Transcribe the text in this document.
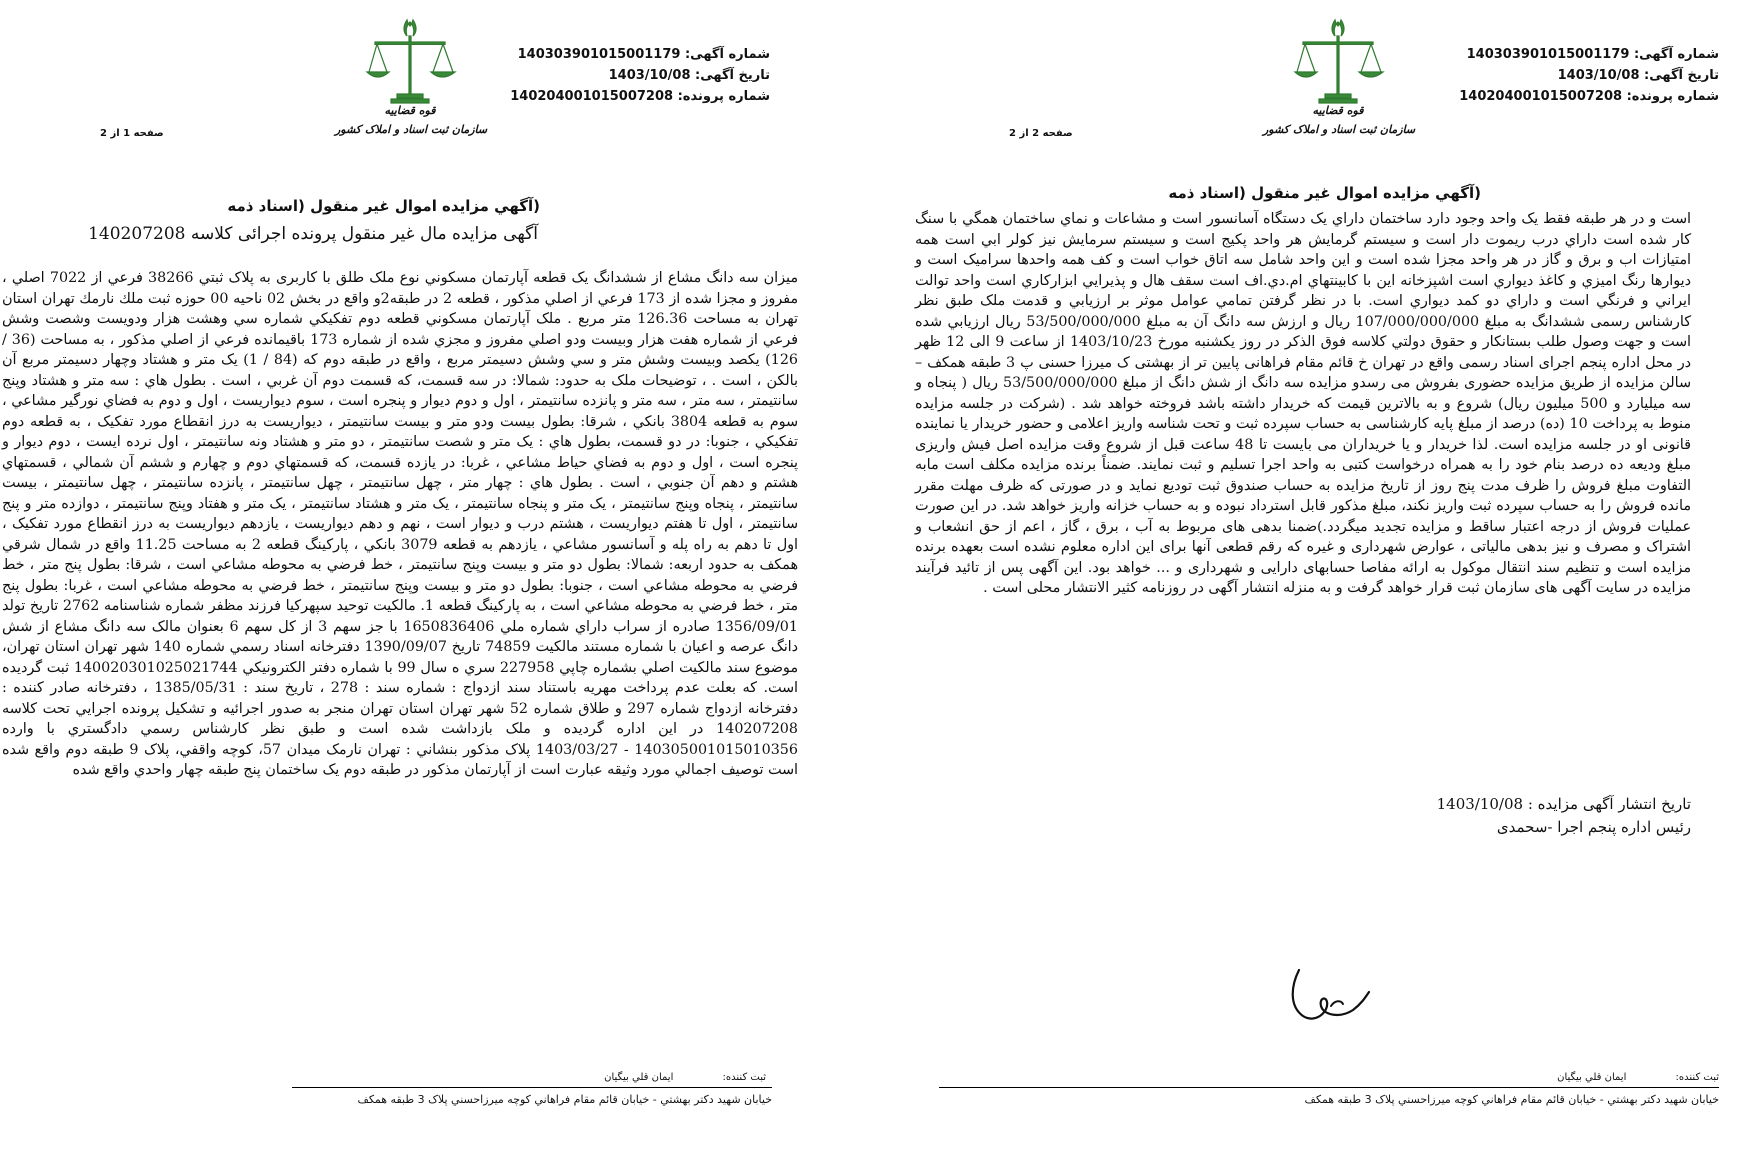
شماره آگهی: 140303901015001179
تاريخ آگهی: 1403/10/08
شماره پرونده: 140204001015007208
قوه قضاييه
سازمان ثبت اسناد و املاک کشور
صفحه 1 از 2
(آگهي مزايده اموال غير منقول (اسناد ذمه
آگهی مزایده مال غیر منقول پرونده اجرائی کلاسه 140207208
ميزان سه دانگ مشاع از ششدانگ يک قطعه آپارتمان مسکوني نوع ملک طلق با کاربری به پلاک ثبتي 38266 فرعي از 7022 اصلي ، مفروز و مجزا شده از 173 فرعي از اصلي مذکور ، قطعه 2 در طبقه2و واقع در بخش 02 ناحيه 00 حوزه ثبت ملك نارمك تهران استان تهران به مساحت 126.36 متر مربع . ملک آپارتمان مسکوني قطعه دوم تفکيکي شماره سي وهشت هزار ودويست وشصت وشش فرعي از شماره هفت هزار وبيست ودو اصلي مفروز و مجزي شده از شماره 173 باقيمانده فرعي از اصلي مذکور ، به مساحت (36 / 126) يکصد وبيست وشش متر و سي وشش دسيمتر مربع ، واقع در طبقه دوم که (84 / 1) يک متر و هشتاد وچهار دسيمتر مربع آن بالکن ، است . ، توضيحات ملک به حدود: شمالا: در سه قسمت، که قسمت دوم آن غربي ، است . بطول هاي : سه متر و هشتاد وپنج سانتيمتر ، سه متر ، سه متر و پانزده سانتيمتر ، اول و دوم ديوار و پنجره است ، سوم ديواريست ، اول و دوم به فضاي نورگير مشاعي ، سوم به قطعه 3804 بانکي ، شرقا: بطول بيست ودو متر و بيست سانتيمتر ، ديواريست به درز انقطاع مورد تفکيک ، به قطعه دوم تفکيکي ، جنوبا: در دو قسمت، بطول هاي : يک متر و شصت سانتيمتر ، دو متر و هشتاد ونه سانتيمتر ، اول نرده ايست ، دوم ديوار و پنجره است ، اول و دوم به فضاي حياط مشاعي ، غربا: در يازده قسمت، که قسمتهاي دوم و چهارم و ششم آن شمالي ، قسمتهاي هشتم و دهم آن جنوبي ، است . بطول هاي : چهار متر ، چهل سانتيمتر ، چهل سانتيمتر ، پانزده سانتيمتر ، چهل سانتيمتر ، بيست سانتيمتر ، پنجاه وپنج سانتيمتر ، يک متر و پنجاه سانتيمتر ، يک متر و هشتاد سانتيمتر ، يک متر و هفتاد وپنج سانتيمتر ، دوازده متر و پنج سانتيمتر ، اول تا هفتم ديواريست ، هشتم درب و ديوار است ، نهم و دهم ديواريست ، يازدهم ديواريست به درز انقطاع مورد تفکيک ، اول تا دهم به راه پله و آسانسور مشاعي ، يازدهم به قطعه 3079 بانکي ، پارکينگ قطعه 2 به مساحت 11.25 واقع در شمال شرقي همکف به حدود اربعه: شمالا: بطول دو متر و بيست وپنج سانتيمتر ، خط فرضي به محوطه مشاعي است ، شرقا: بطول پنج متر ، خط فرضي به محوطه مشاعي است ، جنوبا: بطول دو متر و بيست وپنج سانتيمتر ، خط فرضي به محوطه مشاعي است ، غربا: بطول پنج متر ، خط فرضي به محوطه مشاعي است ، به پارکينگ قطعه 1. مالکيت توحيد سپهرکيا فرزند مظفر شماره شناسنامه 2762 تاريخ تولد 1356/09/01 صادره از سراب داراي شماره ملي 1650836406 با جز سهم 3 از کل سهم 6 بعنوان مالک سه دانگ مشاع از شش دانگ عرصه و اعيان با شماره مستند مالکيت 74859 تاريخ 1390/09/07 دفترخانه اسناد رسمي شماره 140 شهر تهران استان تهران، موضوع سند مالکيت اصلي بشماره چاپي 227958 سري ه سال 99 با شماره دفتر الکترونيکي 140020301025021744 ثبت گرديده است. که بعلت عدم پرداخت مهريه باستناد سند ازدواج : شماره سند : 278 ، تاريخ سند : 1385/05/31 ، دفترخانه صادر کننده : دفترخانه ازدواج شماره 297 و طلاق شماره 52 شهر تهران استان تهران منجر به صدور اجرائيه و تشکيل پرونده اجرايي تحت کلاسه 140207208 در اين اداره گرديده و ملک بازداشت شده است و طبق نظر کارشناس رسمي دادگستري با وارده 140305001015010356 - 1403/03/27 پلاک مذکور بنشاني : تهران نارمک ميدان 57، کوچه واقفي، پلاک 9 طبقه دوم واقع شده است توصيف اجمالي مورد وثيقه عبارت است از آپارتمان مذکور در طبقه دوم يک ساختمان پنج طبقه چهار واحدي واقع شده
ثبت کننده: ايمان قلي بيگيان
خيابان شهيد دکتر بهشتي - خيابان قائم مقام فراهاني کوچه ميرزاحسني پلاک 3 طبقه همکف
شماره آگهی: 140303901015001179
تاريخ آگهی: 1403/10/08
شماره پرونده: 140204001015007208
قوه قضاييه
سازمان ثبت اسناد و املاک کشور
صفحه 2 از 2
(آگهي مزايده اموال غير منقول (اسناد ذمه
است و در هر طبقه فقط يک واحد وجود دارد ساختمان داراي يک دستگاه آسانسور است و مشاعات و نماي ساختمان همگي با سنگ کار شده است داراي درب ريموت دار است و سيستم گرمايش هر واحد پکيج است و سيستم سرمايش نيز کولر ابي است همه امتيازات اب و برق و گاز در هر واحد مجزا شده است و اين واحد شامل سه اتاق خواب است و کف همه واحدها سراميک است و ديوارها رنگ اميزي و کاغذ ديواري است اشپزخانه اين با کابينتهاي ام.دي.اف است سقف هال و پذيرايي ابزارکاري است واحد توالت ايراني و فرنگي است و داراي دو کمد ديواري است. با در نظر گرفتن تمامي عوامل موثر بر ارزيابي و قدمت ملک طبق نظر کارشناس رسمی ششدانگ به مبلغ 107/000/000/000 ريال و ارزش سه دانگ آن به مبلغ 53/500/000/000 ريال ارزيابي شده است و جهت وصول طلب بستانکار و حقوق دولتي کلاسه فوق الذکر در روز يکشنبه مورخ 1403/10/23 از ساعت 9 الی 12 ظهر در محل اداره پنجم اجرای اسناد رسمی واقع در تهران خ قائم مقام فراهانی پایین تر از بهشتی ک میرزا حسنی پ 3 طبقه همکف – سالن مزایده از طریق مزایده حضوری بفروش می رسدو مزایده سه دانگ از شش دانگ از مبلغ 53/500/000/000 ریال ( پنجاه و سه میلیارد و 500 میلیون ریال) شروع و به بالاترین قیمت که خریدار داشته باشد فروخته خواهد شد . (شرکت در جلسه مزایده منوط به پرداخت 10 (ده) درصد از مبلغ پایه کارشناسی به حساب سپرده ثبت و تحت شناسه واریز اعلامی و حضور خریدار یا نماینده قانونی او در جلسه مزایده است. لذا خریدار و یا خریداران می بایست تا 48 ساعت قبل از شروع وقت مزایده اصل فیش واریزی مبلغ ودیعه ده درصد بنام خود را به همراه درخواست کتبی به واحد اجرا تسلیم و ثبت نمایند. ضمناً برنده مزایده مکلف است مابه التفاوت مبلغ فروش را ظرف مدت پنج روز از تاریخ مزایده به حساب صندوق ثبت تودیع نماید و در صورتی که ظرف مهلت مقرر مانده فروش را به حساب سپرده ثبت واریز نکند، مبلغ مذکور قابل استرداد نبوده و به حساب خزانه واریز خواهد شد. در این صورت عملیات فروش از درجه اعتبار ساقط و مزایده تجدید میگردد.)ضمنا بدهی های مربوط به آب ، برق ، گاز ، اعم از حق انشعاب و اشتراک و مصرف و نیز بدهی مالیاتی ، عوارض شهرداری و غیره که رقم قطعی آنها برای این اداره معلوم نشده است بعهده برنده مزایده است و تنظیم سند انتقال موکول به ارائه مفاصا حسابهای دارایی و شهرداری و ... خواهد بود. این آگهی پس از تائید فرآیند مزایده در سایت آگهی های سازمان ثبت قرار خواهد گرفت و به منزله انتشار آگهی در روزنامه کثیر الانتشار محلی است .
تاریخ انتشار آگهی مزایده : 1403/10/08
رئیس اداره پنجم اجرا -سحمدی
ثبت کننده: ايمان قلي بيگيان
خيابان شهيد دکتر بهشتي - خيابان قائم مقام فراهاني کوچه ميرزاحسني پلاک 3 طبقه همکف
